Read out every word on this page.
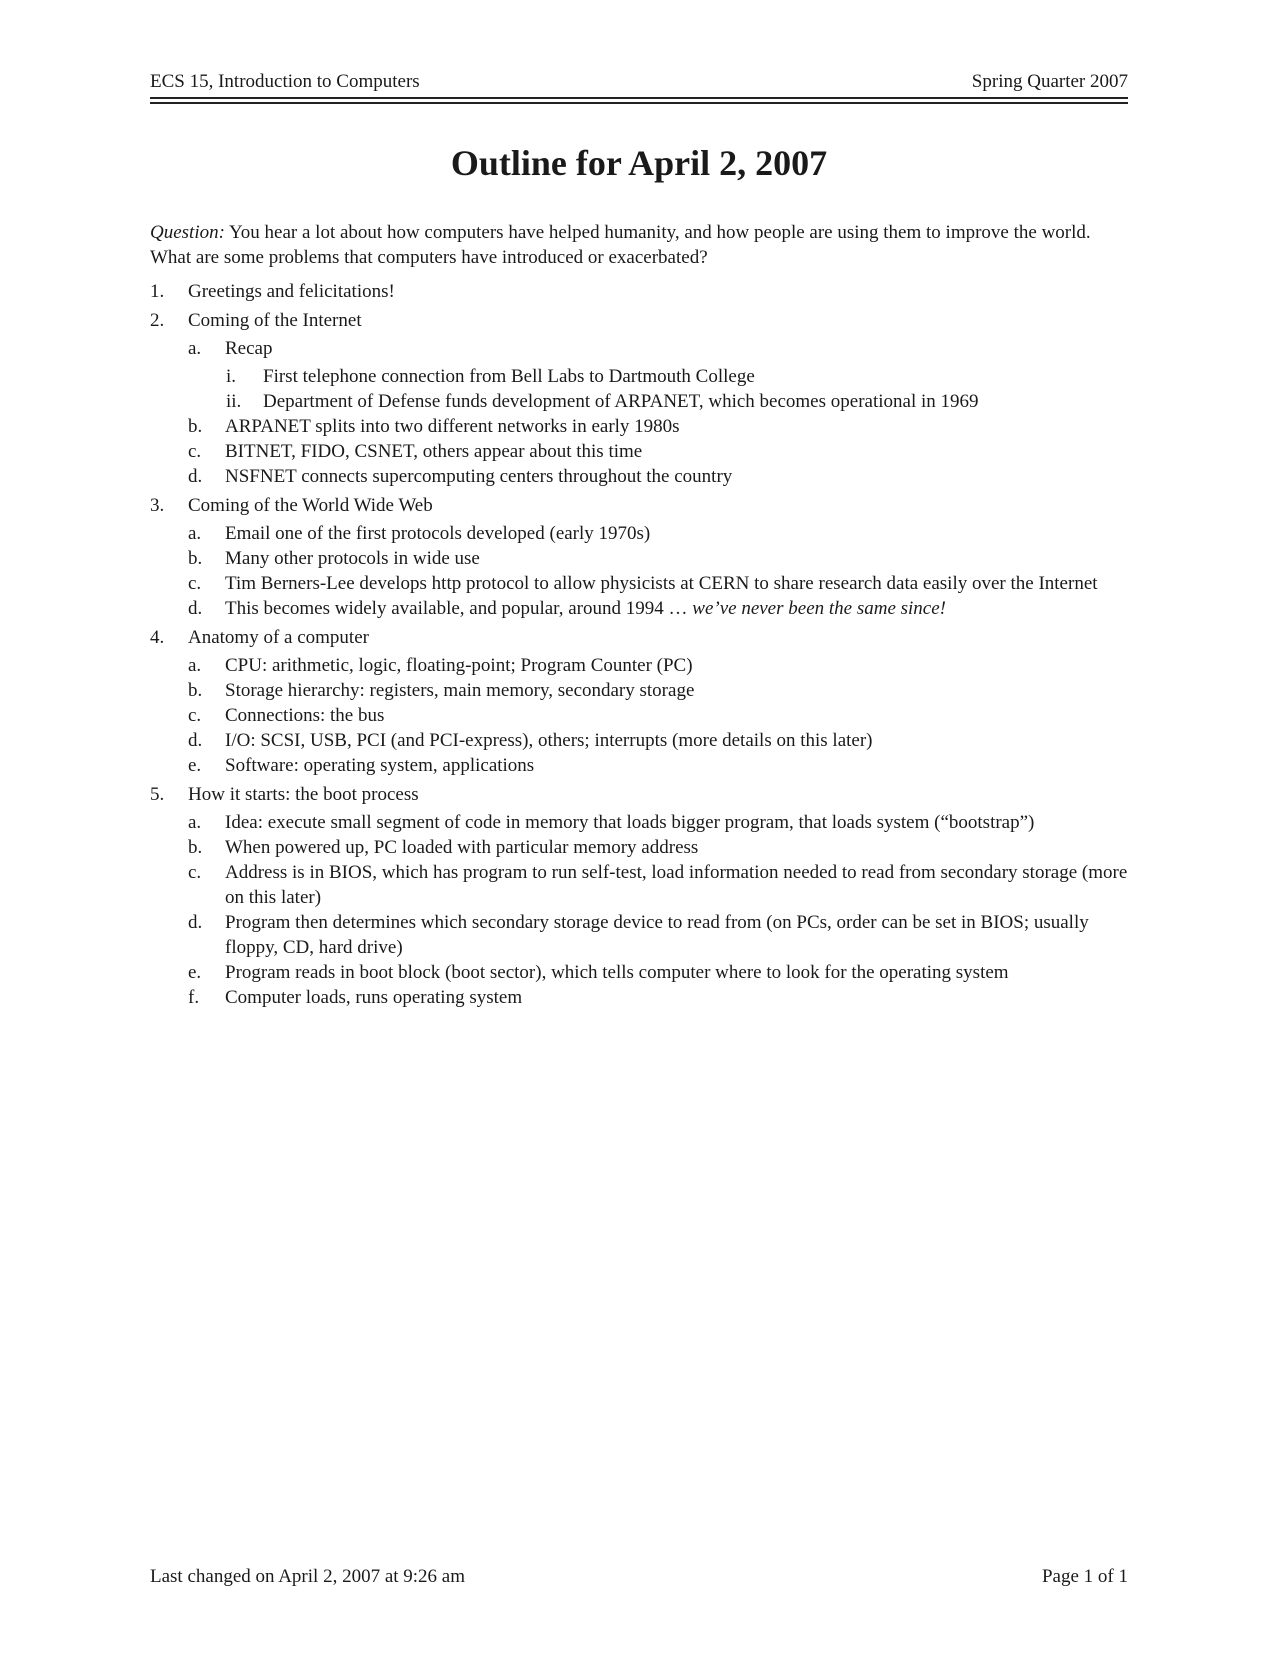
ECS 15, Introduction to Computers	Spring Quarter 2007
Outline for April 2, 2007

Question: You hear a lot about how computers have helped humanity, and how people are using them to improve the world. What are some problems that computers have introduced or exacerbated?

1. Greetings and felicitations!
2. Coming of the Internet
a. Recap
i. First telephone connection from Bell Labs to Dartmouth College
ii. Department of Defense funds development of ARPANET, which becomes operational in 1969
b. ARPANET splits into two different networks in early 1980s
c. BITNET, FIDO, CSNET, others appear about this time
d. NSFNET connects supercomputing centers throughout the country
3. Coming of the World Wide Web
a. Email one of the first protocols developed (early 1970s)
b. Many other protocols in wide use
c. Tim Berners-Lee develops http protocol to allow physicists at CERN to share research data easily over the Internet
d. This becomes widely available, and popular, around 1994 … we’ve never been the same since!
4. Anatomy of a computer
a. CPU: arithmetic, logic, floating-point; Program Counter (PC)
b. Storage hierarchy: registers, main memory, secondary storage
c. Connections: the bus
d. I/O: SCSI, USB, PCI (and PCI-express), others; interrupts (more details on this later)
e. Software: operating system, applications
5. How it starts: the boot process
a. Idea: execute small segment of code in memory that loads bigger program, that loads system (“bootstrap”)
b. When powered up, PC loaded with particular memory address
c. Address is in BIOS, which has program to run self-test, load information needed to read from secondary storage (more on this later)
d. Program then determines which secondary storage device to read from (on PCs, order can be set in BIOS; usually floppy, CD, hard drive)
e. Program reads in boot block (boot sector), which tells computer where to look for the operating system
f. Computer loads, runs operating system
Last changed on April 2, 2007 at 9:26 am	Page 1 of 1
